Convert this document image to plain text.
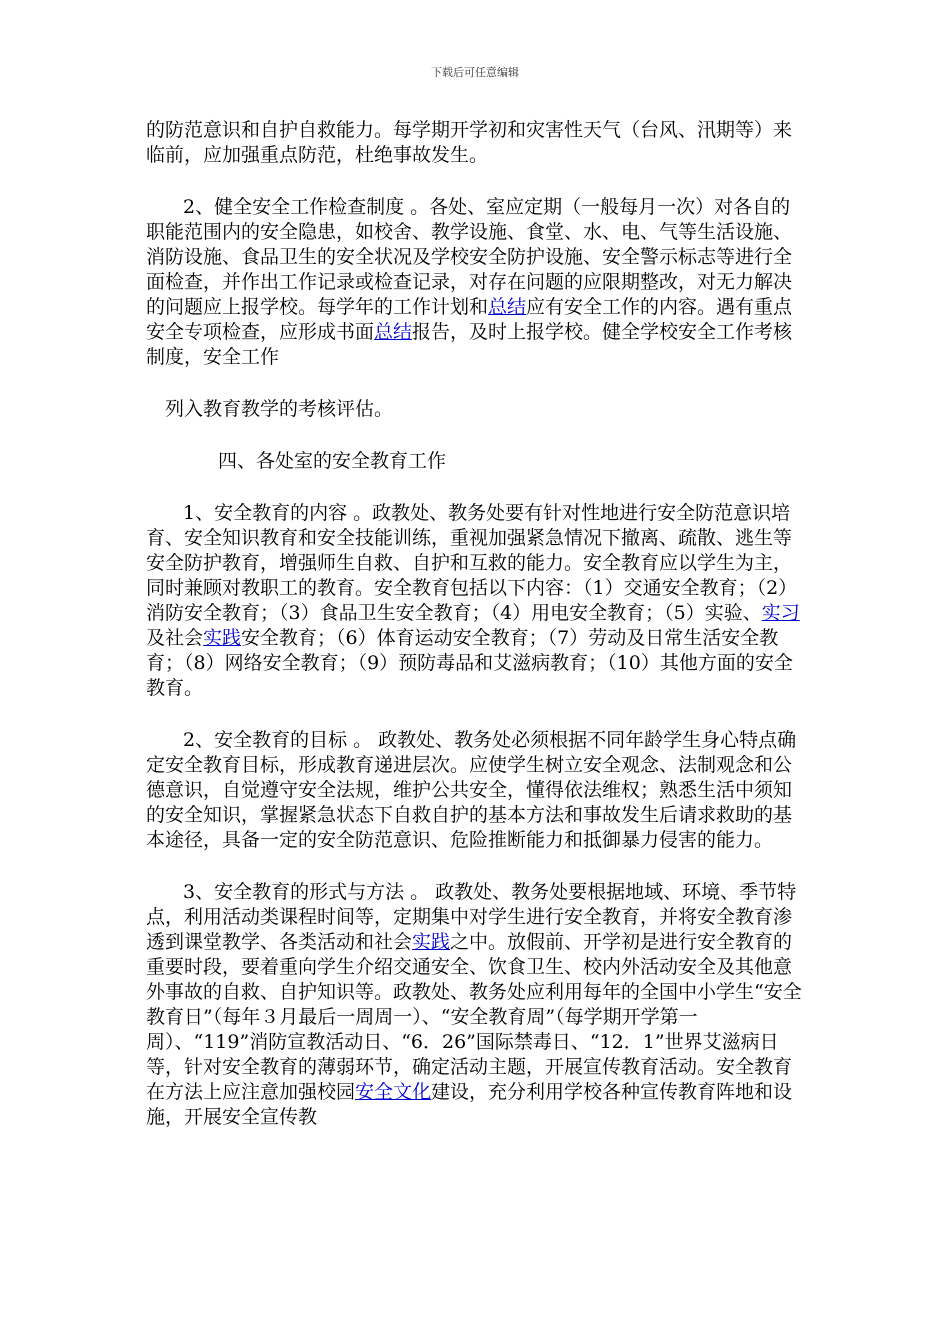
下载后可任意编辑

的防范意识和自护自救能力。每学期开学初和灾害性天气（台风、汛期等）来临前，应加强重点防范，杜绝事故发生。

2、健全安全工作检查制度 。各处、室应定期（一般每月一次）对各自的职能范围内的安全隐患，如校舍、教学设施、食堂、水、电、气等生活设施、消防设施、食品卫生的安全状况及学校安全防护设施、安全警示标志等进行全面检查，并作出工作记录或检查记录，对存在问题的应限期整改，对无力解决的问题应上报学校。每学年的工作计划和总结应有安全工作的内容。遇有重点安全专项检查，应形成书面总结报告，及时上报学校。健全学校安全工作考核制度，安全工作

列入教育教学的考核评估。

四、各处室的安全教育工作

1、安全教育的内容 。政教处、教务处要有针对性地进行安全防范意识培育、安全知识教育和安全技能训练，重视加强紧急情况下撤离、疏散、逃生等安全防护教育，增强师生自救、自护和互救的能力。安全教育应以学生为主，同时兼顾对教职工的教育。安全教育包括以下内容：（1）交通安全教育；（2）消防安全教育；（3）食品卫生安全教育；（4）用电安全教育；（5）实验、实习及社会实践安全教育；（6）体育运动安全教育；（7）劳动及日常生活安全教育；（8）网络安全教育；（9）预防毒品和艾滋病教育；（10）其他方面的安全教育。

2、安全教育的目标 。 政教处、教务处必须根据不同年龄学生身心特点确定安全教育目标，形成教育递进层次。应使学生树立安全观念、法制观念和公德意识，自觉遵守安全法规，维护公共安全，懂得依法维权；熟悉生活中须知的安全知识，掌握紧急状态下自救自护的基本方法和事故发生后请求救助的基本途径，具备一定的安全防范意识、危险推断能力和抵御暴力侵害的能力。

3、安全教育的形式与方法 。 政教处、教务处要根据地域、环境、季节特点，利用活动类课程时间等，定期集中对学生进行安全教育，并将安全教育渗透到课堂教学、各类活动和社会实践之中。放假前、开学初是进行安全教育的重要时段，要着重向学生介绍交通安全、饮食卫生、校内外活动安全及其他意外事故的自救、自护知识等。政教处、教务处应利用每年的全国中小学生“安全教育日”（每年３月最后一周周一）、“安全教育周”（每学期开学第一周）、“119”消防宣教活动日、“6．26”国际禁毒日、“12．1”世界艾滋病日等，针对安全教育的薄弱环节，确定活动主题，开展宣传教育活动。安全教育在方法上应注意加强校园安全文化建设，充分利用学校各种宣传教育阵地和设施，开展安全宣传教
